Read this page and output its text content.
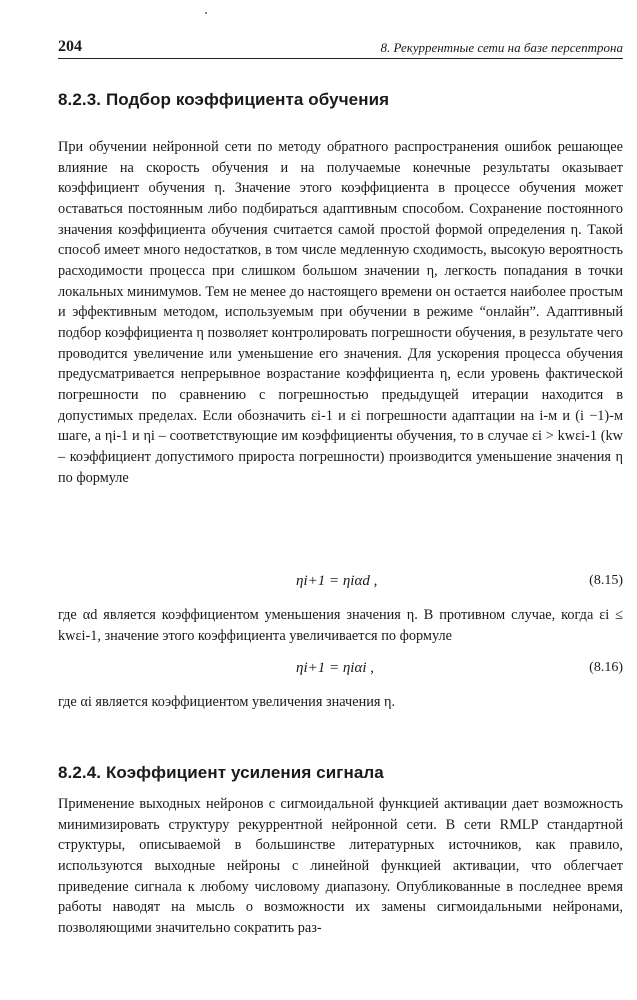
204	8. Рекуррентные сети на базе персептрона
8.2.3. Подбор коэффициента обучения

При обучении нейронной сети по методу обратного распространения ошибок решающее влияние на скорость обучения и на получаемые конечные результаты оказывает коэффициент обучения η. Значение этого коэффициента в процессе обучения может оставаться постоянным либо подбираться адаптивным способом. Сохранение постоянного значения коэффициента обучения считается самой простой формой определения η. Такой способ имеет много недостатков, в том числе медленную сходимость, высокую вероятность расходимости процесса при слишком большом значении η, легкость попадания в точки локальных минимумов. Тем не менее до настоящего времени он остается наиболее простым и эффективным методом, используемым при обучении в режиме “онлайн”. Адаптивный подбор коэффициента η позволяет контролировать погрешности обучения, в результате чего проводится увеличение или уменьшение его значения. Для ускорения процесса обучения предусматривается непрерывное возрастание коэффициента η, если уровень фактической погрешности по сравнению с погрешностью предыдущей итерации находится в допустимых пределах. Если обозначить εi-1 и εi погрешности адаптации на i-м и (i −1)-м шаге, а ηi-1 и ηi – соответствующие им коэффициенты обучения, то в случае εi > kwεi-1 (kw – коэффициент допустимого прироста погрешности) производится уменьшение значения η по формуле

ηi+1 = ηiαd ,	(8.15)
где αd является коэффициентом уменьшения значения η. В противном случае, когда εi ≤ kwεi-1, значение этого коэффициента увеличивается по формуле
ηi+1 = ηiαi ,	(8.16)
где αi является коэффициентом увеличения значения η.
8.2.4. Коэффициент усиления сигнала

Применение выходных нейронов с сигмоидальной функцией активации дает возможность минимизировать структуру рекуррентной нейронной сети. В сети RMLP стандартной структуры, описываемой в большинстве литературных источников, как правило, используются выходные нейроны с линейной функцией активации, что облегчает приведение сигнала к любому числовому диапазону. Опубликованные в последнее время работы наводят на мысль о возможности их замены сигмоидальными нейронами, позволяющими значительно сократить раз-
